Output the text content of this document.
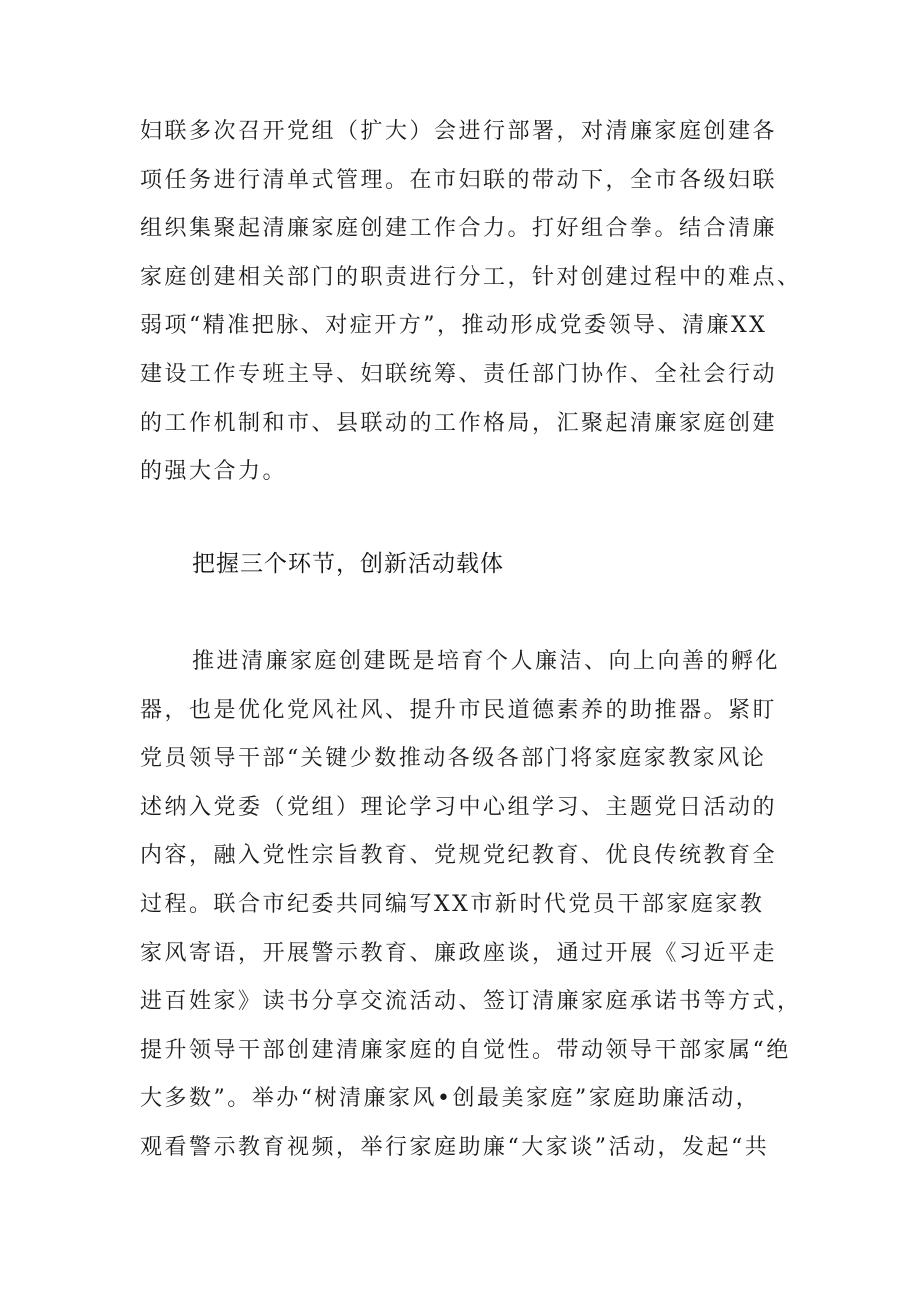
妇联多次召开党组（扩大）会进行部署，对清廉家庭创建各
项任务进行清单式管理。在市妇联的带动下，全市各级妇联
组织集聚起清廉家庭创建工作合力。打好组合拳。结合清廉
家庭创建相关部门的职责进行分工，针对创建过程中的难点、
弱项“精准把脉、对症开方”，推动形成党委领导、清廉XX
建设工作专班主导、妇联统筹、责任部门协作、全社会行动
的工作机制和市、县联动的工作格局，汇聚起清廉家庭创建
的强大合力。

把握三个环节，创新活动载体

推进清廉家庭创建既是培育个人廉洁、向上向善的孵化
器，也是优化党风社风、提升市民道德素养的助推器。紧盯
党员领导干部“关键少数推动各级各部门将家庭家教家风论
述纳入党委（党组）理论学习中心组学习、主题党日活动的
内容，融入党性宗旨教育、党规党纪教育、优良传统教育全
过程。联合市纪委共同编写XX市新时代党员干部家庭家教
家风寄语，开展警示教育、廉政座谈，通过开展《习近平走
进百姓家》读书分享交流活动、签订清廉家庭承诺书等方式，
提升领导干部创建清廉家庭的自觉性。带动领导干部家属“绝
大多数”。举办“树清廉家风•创最美家庭”家庭助廉活动，
观看警示教育视频，举行家庭助廉“大家谈”活动，发起“共
